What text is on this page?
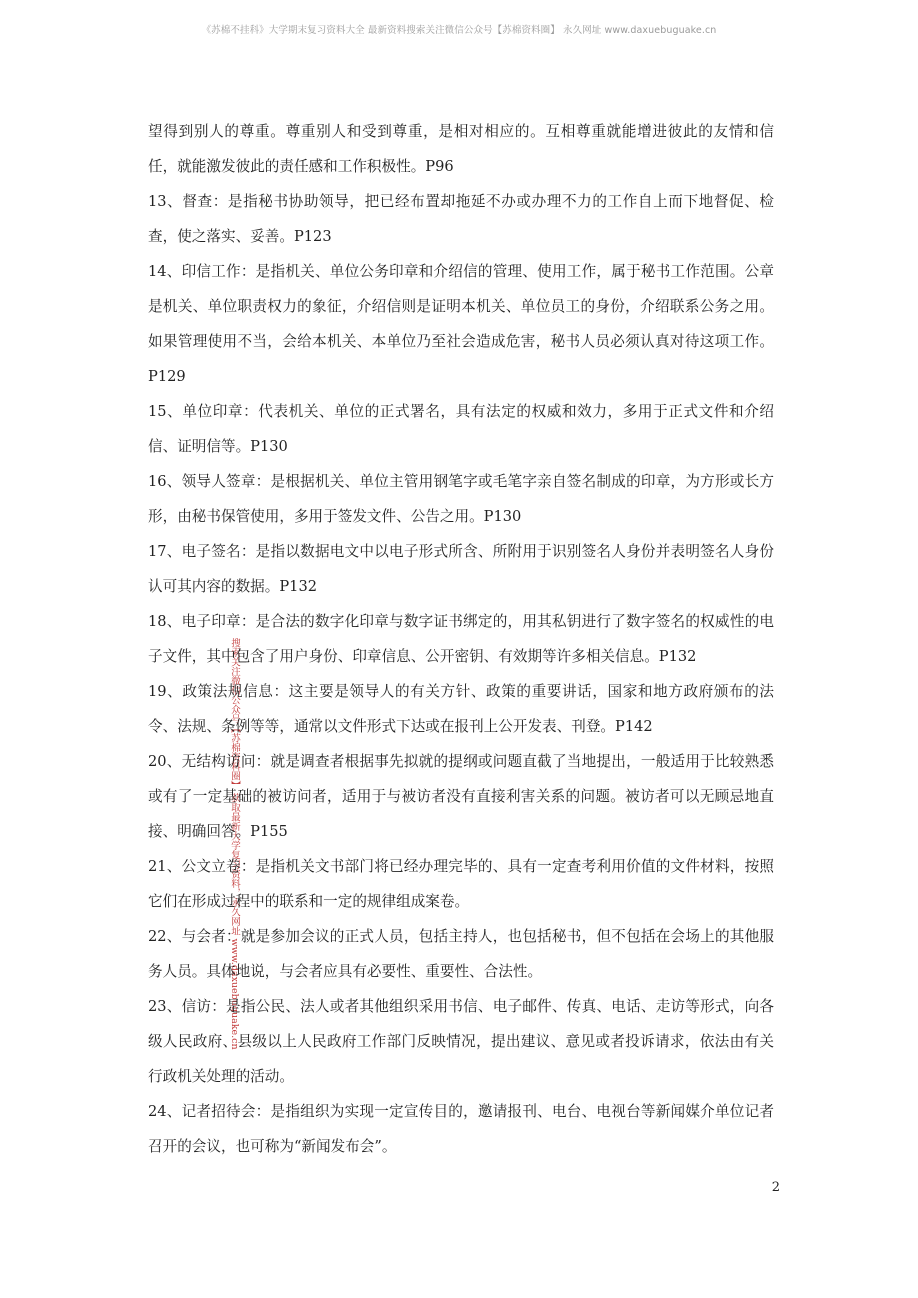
《苏棉不挂科》大学期末复习资料大全 最新资料搜索关注微信公众号【苏棉资料圈】 永久网址 www.daxuebuguake.cn
搜索关注微信公众号【苏棉资料圈】 获取最新大学复习资料，永久网址 www.daxuebuguake.cn

望得到别人的尊重。尊重别人和受到尊重，是相对相应的。互相尊重就能增进彼此的友情和信任，就能激发彼此的责任感和工作积极性。P96

13、督查：是指秘书协助领导，把已经布置却拖延不办或办理不力的工作自上而下地督促、检查，使之落实、妥善。P123

14、印信工作：是指机关、单位公务印章和介绍信的管理、使用工作，属于秘书工作范围。公章是机关、单位职责权力的象征，介绍信则是证明本机关、单位员工的身份，介绍联系公务之用。如果管理使用不当，会给本机关、本单位乃至社会造成危害，秘书人员必须认真对待这项工作。P129

15、单位印章：代表机关、单位的正式署名，具有法定的权威和效力，多用于正式文件和介绍信、证明信等。P130

16、领导人签章：是根据机关、单位主管用钢笔字或毛笔字亲自签名制成的印章，为方形或长方形，由秘书保管使用，多用于签发文件、公告之用。P130

17、电子签名：是指以数据电文中以电子形式所含、所附用于识别签名人身份并表明签名人身份认可其内容的数据。P132

18、电子印章：是合法的数字化印章与数字证书绑定的，用其私钥进行了数字签名的权威性的电子文件，其中包含了用户身份、印章信息、公开密钥、有效期等许多相关信息。P132

19、政策法规信息：这主要是领导人的有关方针、政策的重要讲话，国家和地方政府颁布的法令、法规、条例等等，通常以文件形式下达或在报刊上公开发表、刊登。P142

20、无结构访问：就是调查者根据事先拟就的提纲或问题直截了当地提出，一般适用于比较熟悉或有了一定基础的被访问者，适用于与被访者没有直接利害关系的问题。被访者可以无顾忌地直接、明确回答。P155

21、公文立卷：是指机关文书部门将已经办理完毕的、具有一定查考利用价值的文件材料，按照它们在形成过程中的联系和一定的规律组成案卷。

22、与会者：就是参加会议的正式人员，包括主持人，也包括秘书，但不包括在会场上的其他服务人员。具体地说，与会者应具有必要性、重要性、合法性。

23、信访：是指公民、法人或者其他组织采用书信、电子邮件、传真、电话、走访等形式，向各级人民政府、县级以上人民政府工作部门反映情况，提出建议、意见或者投诉请求，依法由有关行政机关处理的活动。

24、记者招待会：是指组织为实现一定宣传目的，邀请报刊、电台、电视台等新闻媒介单位记者召开的会议，也可称为“新闻发布会”。

2
